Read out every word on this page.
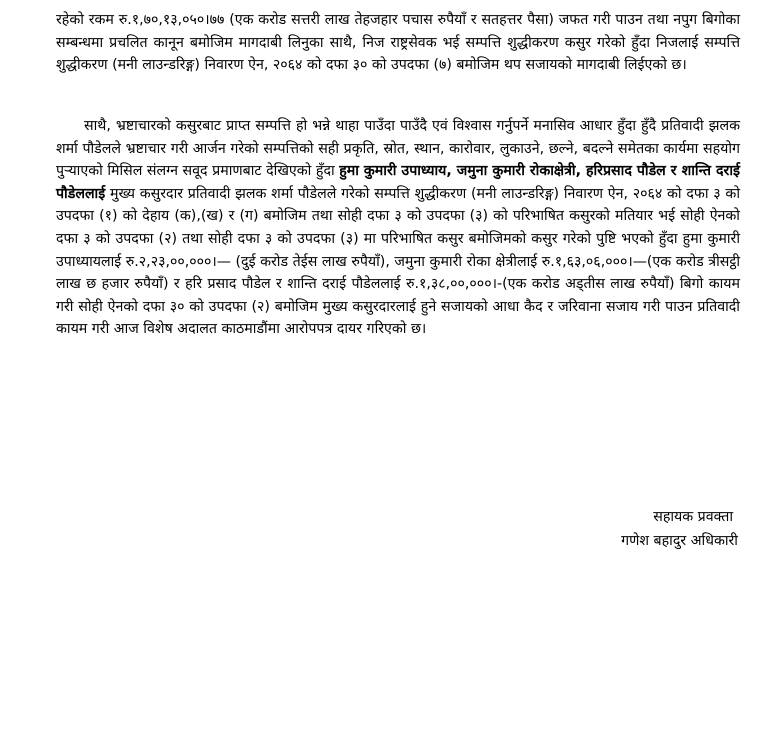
रहेको रकम रु.१,७०,१३,०५०।७७ (एक करोड सत्तरी लाख तेहजहार पचास रुपैयाँ र सतहत्तर पैसा) जफत गरी पाउन तथा नपुग बिगोका सम्बन्धमा प्रचलित कानून बमोजिम मागदाबी लिनुका साथै, निज राष्ट्रसेवक भई सम्पत्ति शुद्धीकरण कसुर गरेको हुँदा निजलाई सम्पत्ति शुद्धीकरण (मनी लाउन्डरिङ्ग) निवारण ऐन, २०६४ को दफा ३० को उपदफा (७) बमोजिम थप सजायको मागदाबी लिईएको छ।

साथै, भ्रष्टाचारको कसुरबाट प्राप्त सम्पत्ति हो भन्ने थाहा पाउँदा पाउँदै एवं विश्वास गर्नुपर्ने मनासिव आधार हुँदा हुँदै प्रतिवादी झलक शर्मा पौडेलले भ्रष्टाचार गरी आर्जन गरेको सम्पत्तिको सही प्रकृति, स्रोत, स्थान, कारोवार, लुकाउने, छल्ने, बदल्ने समेतका कार्यमा सहयोग पुऱ्याएको मिसिल संलग्न सवूद प्रमाणबाट देखिएको हुँदा हुमा कुमारी उपाध्याय, जमुना कुमारी रोकाक्षेत्री, हरिप्रसाद पौडेल र शान्ति दराई पौडेललाई मुख्य कसुरदार प्रतिवादी झलक शर्मा पौडेलले गरेको सम्पत्ति शुद्धीकरण (मनी लाउन्डरिङ्ग) निवारण ऐन, २०६४ को दफा ३ को उपदफा (१) को देहाय (क),(ख) र (ग) बमोजिम तथा सोही दफा ३ को उपदफा (३) को परिभाषित कसुरको मतियार भई सोही ऐनको दफा ३ को उपदफा (२) तथा सोही दफा ३ को उपदफा (३) मा परिभाषित कसुर बमोजिमको कसुर गरेको पुष्टि भएको हुँदा हुमा कुमारी उपाध्यायलाई रु.२,२३,००,०००।— (दुई करोड तेईस लाख रुपैयाँ), जमुना कुमारी रोका क्षेत्रीलाई रु.१,६३,०६,०००।—(एक करोड त्रीसट्ठी लाख छ हजार रुपैयाँ) र हरि प्रसाद पौडेल र शान्ति दराई पौडेललाई रु.१,३८,००,०००।-(एक करोड अड्तीस लाख रुपैयाँ) बिगो कायम गरी सोही ऐनको दफा ३० को उपदफा (२) बमोजिम मुख्य कसुरदारलाई हुने सजायको आधा कैद र जरिवाना सजाय गरी पाउन प्रतिवादी कायम गरी आज विशेष अदालत काठमाडौंमा आरोपपत्र दायर गरिएको छ।

सहायक प्रवक्ता
गणेश बहादुर अधिकारी
